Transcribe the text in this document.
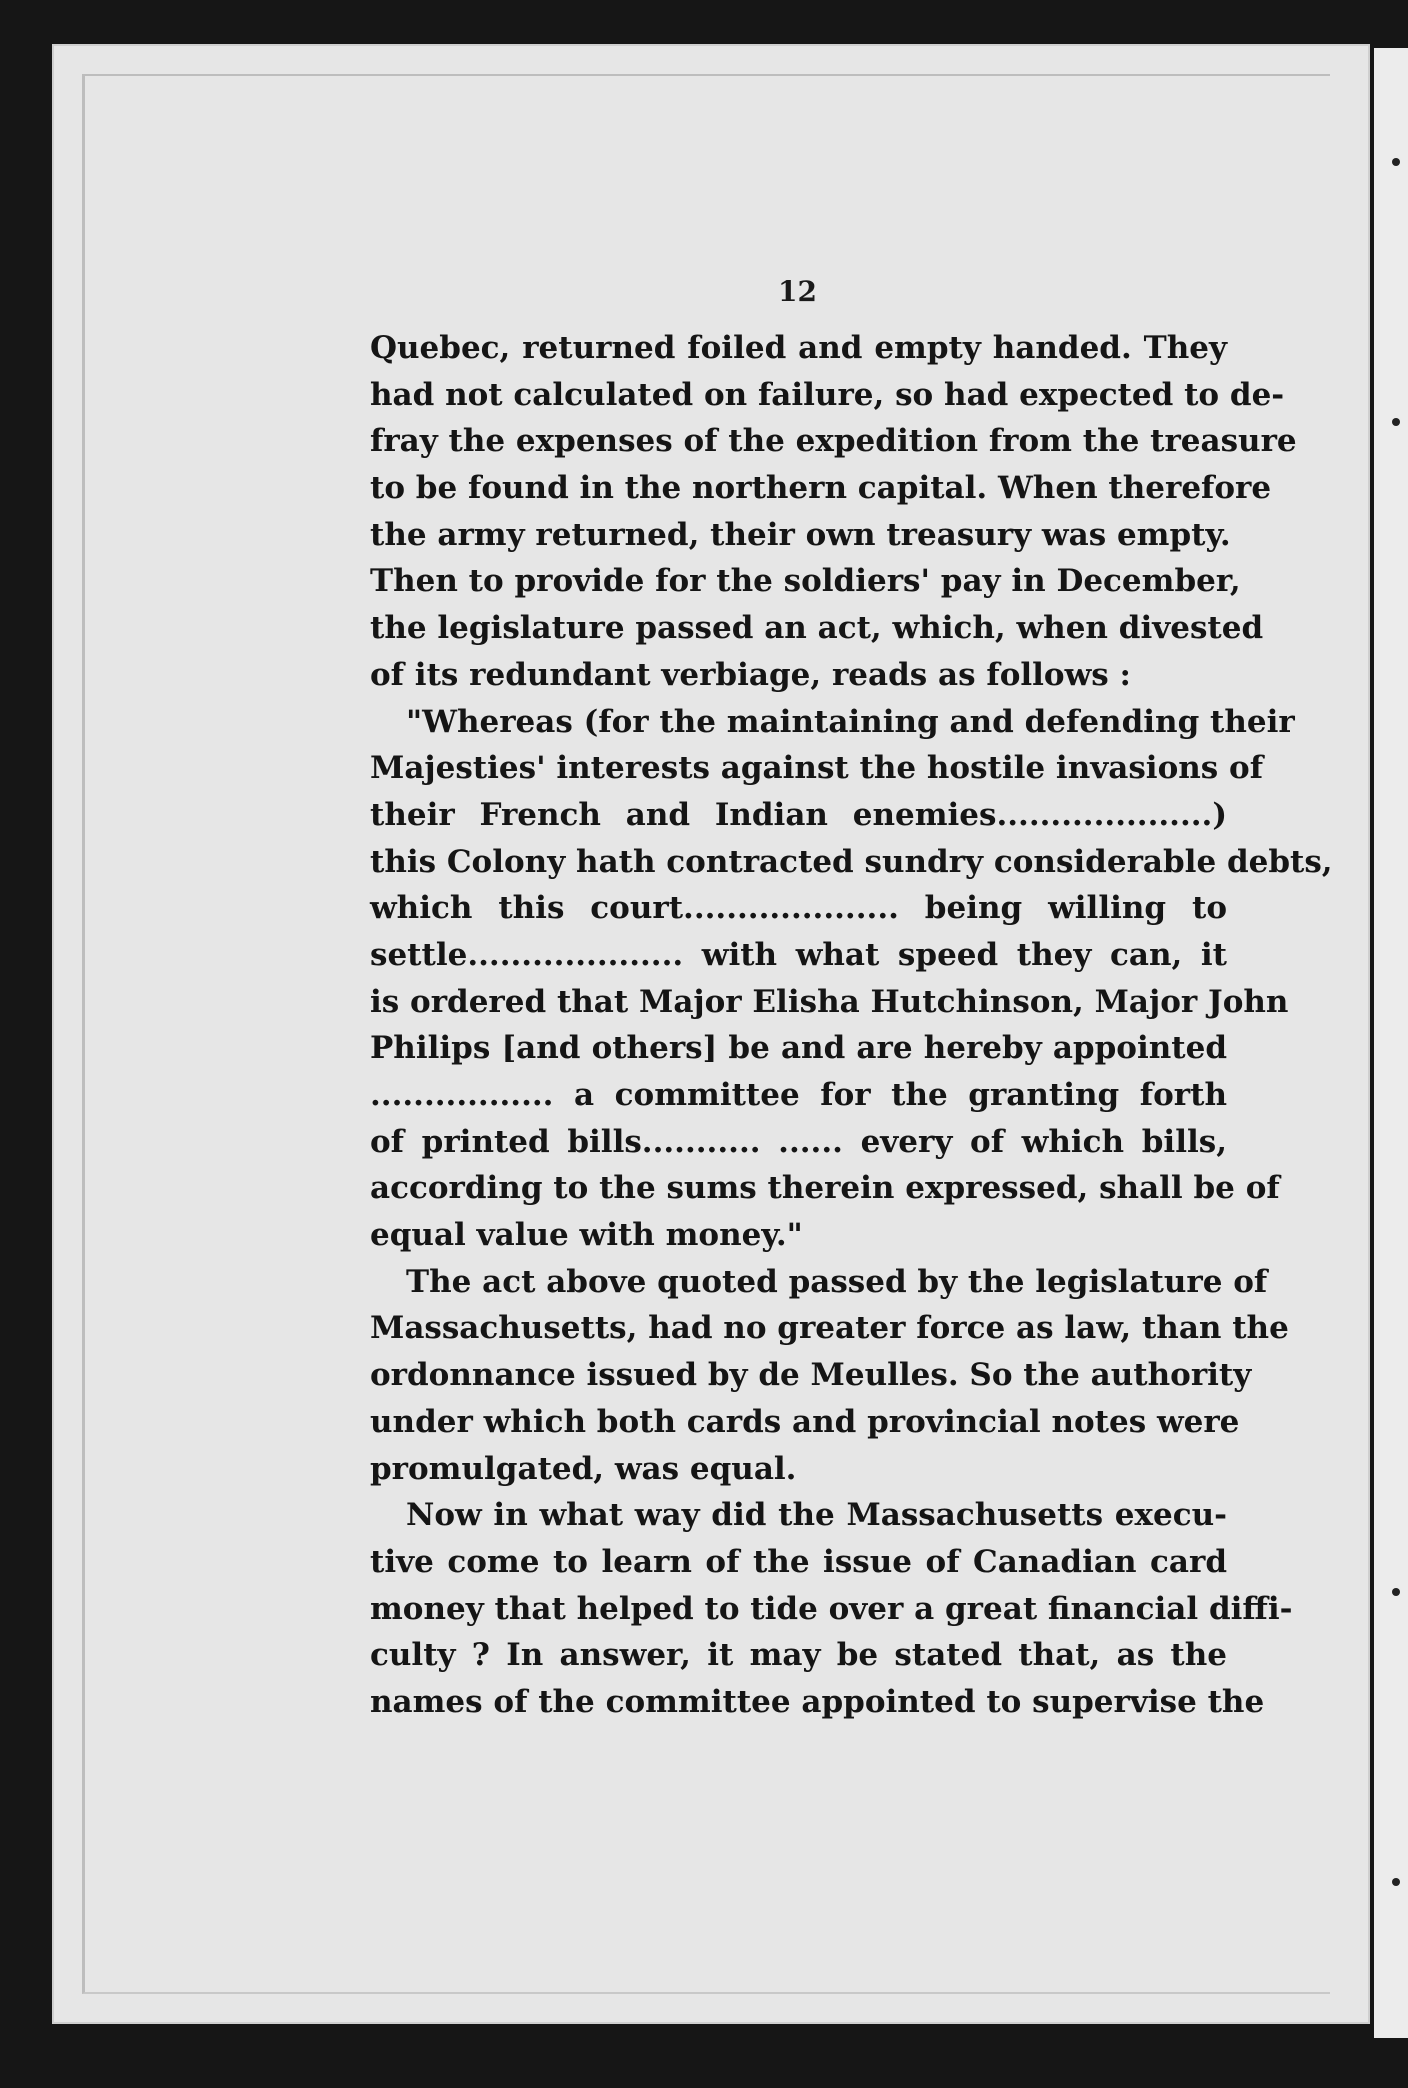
12
Quebec, returned foiled and empty handed. They
had not calculated on failure, so had expected to de-
fray the expenses of the expedition from the treasure
to be found in the northern capital. When therefore
the army returned, their own treasury was empty.
Then to provide for the soldiers' pay in December,
the legislature passed an act, which, when divested
of its redundant verbiage, reads as follows :
"Whereas (for the maintaining and defending their
Majesties' interests against the hostile invasions of
their French and Indian enemies....................)
this Colony hath contracted sundry considerable debts,
which this court.................... being willing to
settle.................... with what speed they can, it
is ordered that Major Elisha Hutchinson, Major John
Philips [and others] be and are hereby appointed
................. a committee for the granting forth
of printed bills........... ...... every of which bills,
according to the sums therein expressed, shall be of
equal value with money."
The act above quoted passed by the legislature of
Massachusetts, had no greater force as law, than the
ordonnance issued by de Meulles. So the authority
under which both cards and provincial notes were
promulgated, was equal.
Now in what way did the Massachusetts execu-
tive come to learn of the issue of Canadian card
money that helped to tide over a great financial diffi-
culty ? In answer, it may be stated that, as the
names of the committee appointed to supervise the
